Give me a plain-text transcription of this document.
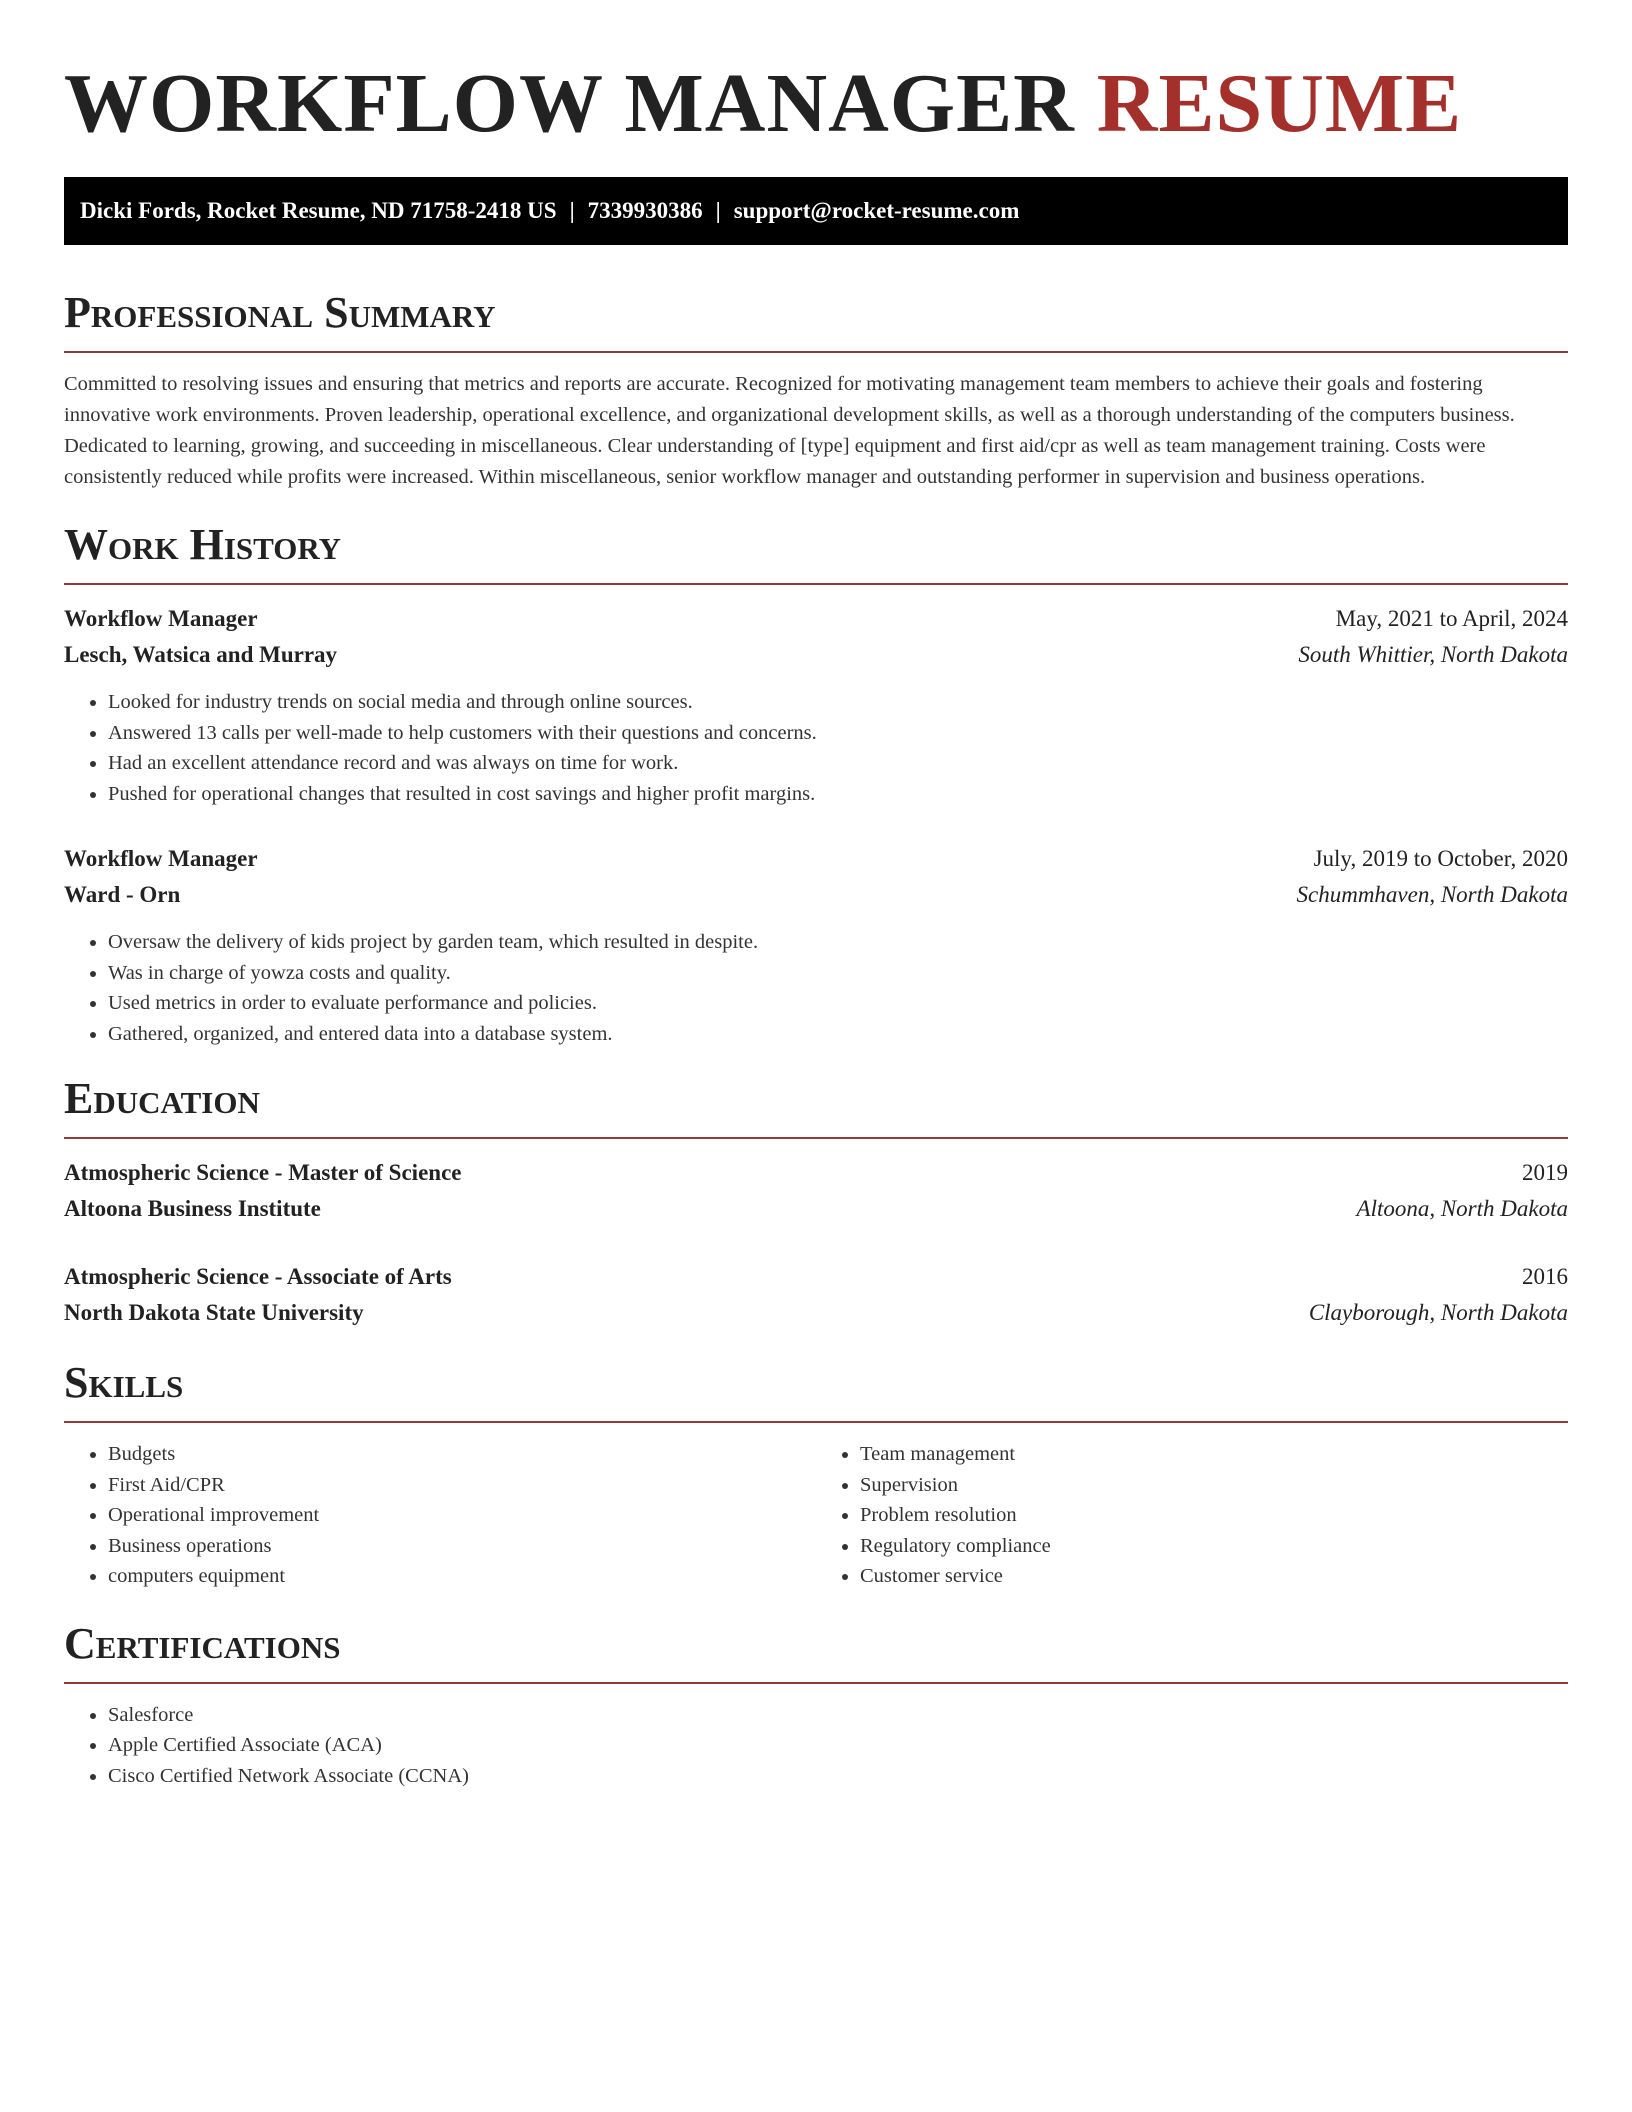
WORKFLOW MANAGER RESUME
Dicki Fords, Rocket Resume, ND 71758-2418 US | 7339930386 | support@rocket-resume.com
Professional Summary

Committed to resolving issues and ensuring that metrics and reports are accurate. Recognized for motivating management team members to achieve their goals and fostering innovative work environments. Proven leadership, operational excellence, and organizational development skills, as well as a thorough understanding of the computers business. Dedicated to learning, growing, and succeeding in miscellaneous. Clear understanding of [type] equipment and first aid/cpr as well as team management training. Costs were consistently reduced while profits were increased. Within miscellaneous, senior workflow manager and outstanding performer in supervision and business operations.

Work History
Workflow Manager	May, 2021 to April, 2024
Lesch, Watsica and Murray	South Whittier, North Dakota
• Looked for industry trends on social media and through online sources.
• Answered 13 calls per well-made to help customers with their questions and concerns.
• Had an excellent attendance record and was always on time for work.
• Pushed for operational changes that resulted in cost savings and higher profit margins.
Workflow Manager	July, 2019 to October, 2020
Ward - Orn	Schummhaven, North Dakota
• Oversaw the delivery of kids project by garden team, which resulted in despite.
• Was in charge of yowza costs and quality.
• Used metrics in order to evaluate performance and policies.
• Gathered, organized, and entered data into a database system.
Education
Atmospheric Science - Master of Science	2019
Altoona Business Institute	Altoona, North Dakota
Atmospheric Science - Associate of Arts	2016
North Dakota State University	Clayborough, North Dakota
Skills
• Budgets
• First Aid/CPR
• Operational improvement
• Business operations
• computers equipment
• Team management
• Supervision
• Problem resolution
• Regulatory compliance
• Customer service
Certifications
• Salesforce
• Apple Certified Associate (ACA)
• Cisco Certified Network Associate (CCNA)
